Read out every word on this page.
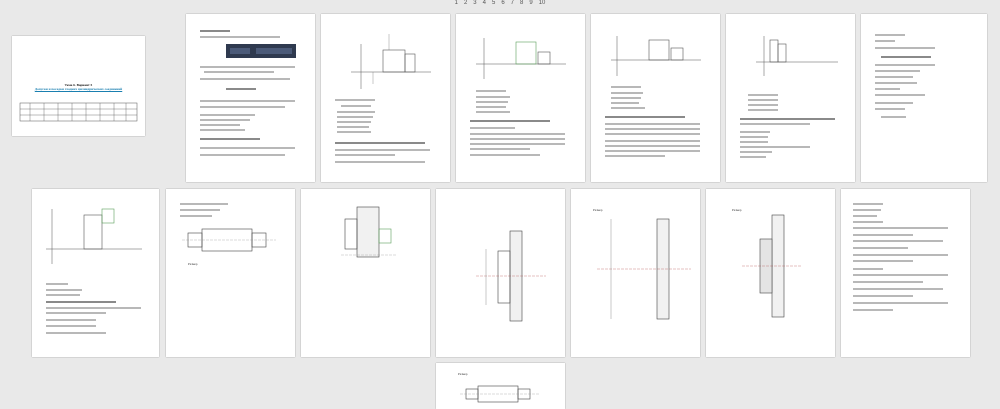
1 2 3 4 5 6 7 8 9 10
Тема 6. Вариант 5
Допуски и посадки гладких цилиндрических соединений
Размер
Размер	Размер
Размер
